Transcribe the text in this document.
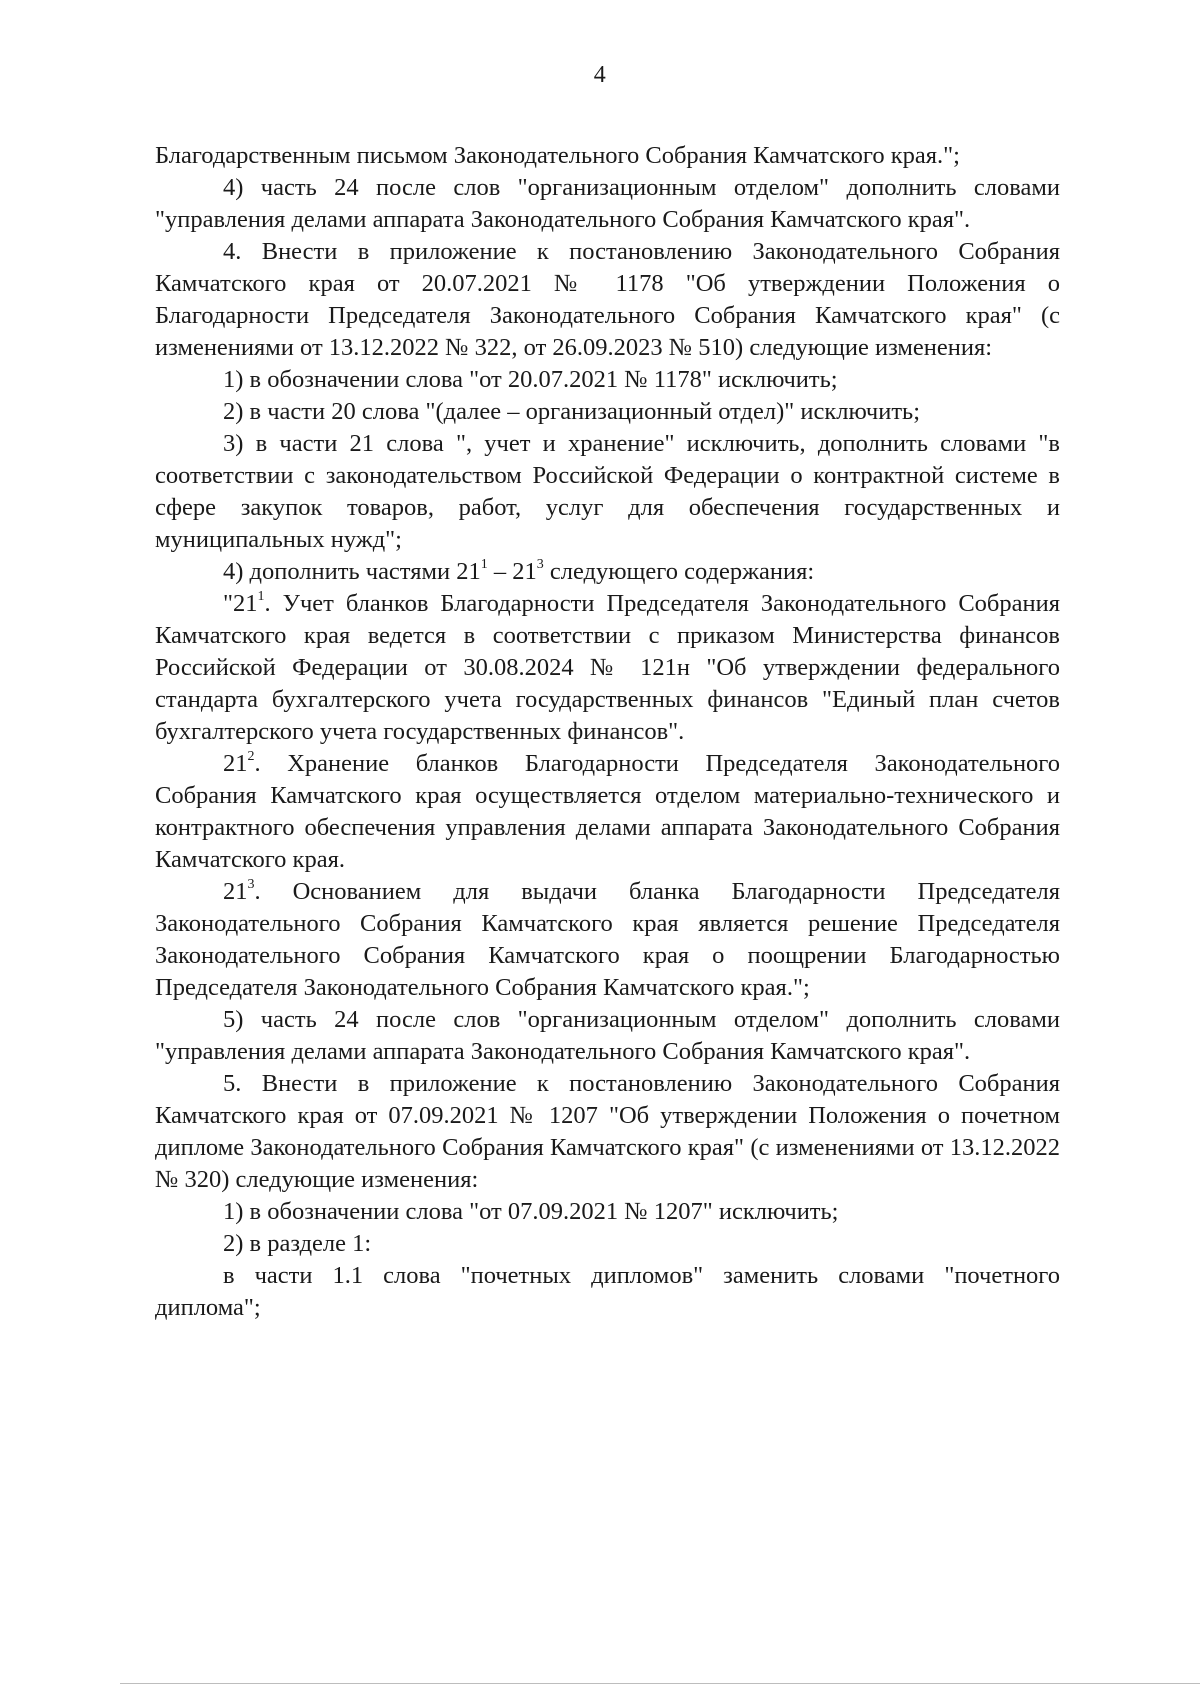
4

Благодарственным письмом Законодательного Собрания Камчатского края.";

4) часть 24 после слов "организационным отделом" дополнить словами "управления делами аппарата Законодательного Собрания Камчатского края".

4. Внести в приложение к постановлению Законодательного Собрания Камчатского края от 20.07.2021 № 1178 "Об утверждении Положения о Благодарности Председателя Законодательного Собрания Камчатского края" (с изменениями от 13.12.2022 № 322, от 26.09.2023 № 510) следующие изменения:

1) в обозначении слова "от 20.07.2021 № 1178" исключить;

2) в части 20 слова "(далее – организационный отдел)" исключить;

3) в части 21 слова ", учет и хранение" исключить, дополнить словами "в соответствии с законодательством Российской Федерации о контрактной системе в сфере закупок товаров, работ, услуг для обеспечения государственных и муниципальных нужд";

4) дополнить частями $21^1 - 21^3$ следующего содержания:

"$21^1$. Учет бланков Благодарности Председателя Законодательного Собрания Камчатского края ведется в соответствии с приказом Министерства финансов Российской Федерации от 30.08.2024 № 121н "Об утверждении федерального стандарта бухгалтерского учета государственных финансов "Единый план счетов бухгалтерского учета государственных финансов".

$21^2$. Хранение бланков Благодарности Председателя Законодательного Собрания Камчатского края осуществляется отделом материально-технического и контрактного обеспечения управления делами аппарата Законодательного Собрания Камчатского края.

$21^3$. Основанием для выдачи бланка Благодарности Председателя Законодательного Собрания Камчатского края является решение Председателя Законодательного Собрания Камчатского края о поощрении Благодарностью Председателя Законодательного Собрания Камчатского края.";

5) часть 24 после слов "организационным отделом" дополнить словами "управления делами аппарата Законодательного Собрания Камчатского края".

5. Внести в приложение к постановлению Законодательного Собрания Камчатского края от 07.09.2021 № 1207 "Об утверждении Положения о почетном дипломе Законодательного Собрания Камчатского края" (с изменениями от 13.12.2022 № 320) следующие изменения:

1) в обозначении слова "от 07.09.2021 № 1207" исключить;

2) в разделе 1:

в части 1.1 слова "почетных дипломов" заменить словами "почетного диплома";
